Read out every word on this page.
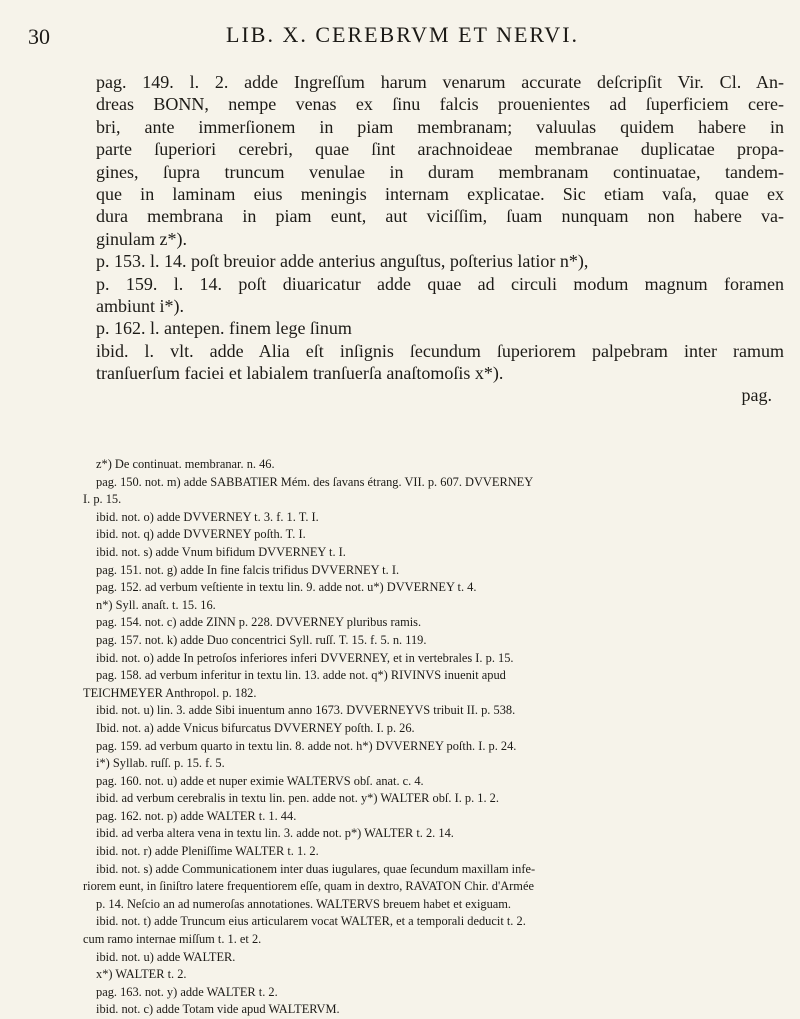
30	LIB. X. CEREBRVM ET NERVI.
pag. 149. l. 2. adde Ingreſſum harum venarum accurate deſcripſit Vir. Cl. An-
dreas BONN, nempe venas ex ſinu falcis prouenientes ad ſuperficiem cere-
bri, ante immerſionem in piam membranam; valuulas quidem habere in
parte ſuperiori cerebri, quae ſint arachnoideae membranae duplicatae propa-
gines, ſupra truncum venulae in duram membranam continuatae, tandem-
que in laminam eius meningis internam explicatae. Sic etiam vaſa, quae ex
dura membrana in piam eunt, aut viciſſim, ſuam nunquam non habere va-
ginulam z*).
p. 153. l. 14. poſt breuior adde anterius anguſtus, poſterius latior n*),
p. 159. l. 14. poſt diuaricatur adde quae ad circuli modum magnum foramen
ambiunt i*).
p. 162. l. antepen. finem lege ſinum
ibid. l. vlt. adde Alia eſt inſignis ſecundum ſuperiorem palpebram inter ramum
tranſuerſum faciei et labialem tranſuerſa anaſtomoſis x*).
pag.
z*) De continuat. membranar. n. 46.
pag. 150. not. m) adde SABBATIER Mém. des ſavans étrang. VII. p. 607. DVVERNEY
I. p. 15.
ibid. not. o) adde DVVERNEY t. 3. f. 1. T. I.
ibid. not. q) adde DVVERNEY poſth. T. I.
ibid. not. s) adde Vnum bifidum DVVERNEY t. I.
pag. 151. not. g) adde In fine falcis trifidus DVVERNEY t. I.
pag. 152. ad verbum veſtiente in textu lin. 9. adde not. u*) DVVERNEY t. 4.
n*) Syll. anaſt. t. 15. 16.
pag. 154. not. c) adde ZINN p. 228. DVVERNEY pluribus ramis.
pag. 157. not. k) adde Duo concentrici Syll. ruſſ. T. 15. f. 5. n. 119.
ibid. not. o) adde In petroſos inferiores inferi DVVERNEY, et in vertebrales I. p. 15.
pag. 158. ad verbum inferitur in textu lin. 13. adde not. q*) RIVINVS inuenit apud
TEICHMEYER Anthropol. p. 182.
ibid. not. u) lin. 3. adde Sibi inuentum anno 1673. DVVERNEYVS tribuit II. p. 538.
Ibid. not. a) adde Vnicus bifurcatus DVVERNEY poſth. I. p. 26.
pag. 159. ad verbum quarto in textu lin. 8. adde not. h*) DVVERNEY poſth. I. p. 24.
i*) Syllab. ruſſ. p. 15. f. 5.
pag. 160. not. u) adde et nuper eximie WALTERVS obſ. anat. c. 4.
ibid. ad verbum cerebralis in textu lin. pen. adde not. y*) WALTER obſ. I. p. 1. 2.
pag. 162. not. p) adde WALTER t. 1. 44.
ibid. ad verba altera vena in textu lin. 3. adde not. p*) WALTER t. 2. 14.
ibid. not. r) adde Pleniſſime WALTER t. 1. 2.
ibid. not. s) adde Communicationem inter duas iugulares, quae ſecundum maxillam infe-
riorem eunt, in ſiniſtro latere frequentiorem eſſe, quam in dextro, RAVATON Chir. d'Armée
p. 14. Neſcio an ad numeroſas annotationes. WALTERVS breuem habet et exiguam.
ibid. not. t) adde Truncum eius articularem vocat WALTER, et a temporali deducit t. 2.
cum ramo internae miſſum t. 1. et 2.
ibid. not. u) adde WALTER.
x*) WALTER t. 2.
pag. 163. not. y) adde WALTER t. 2.
ibid. not. c) adde Totam vide apud WALTERVM.
